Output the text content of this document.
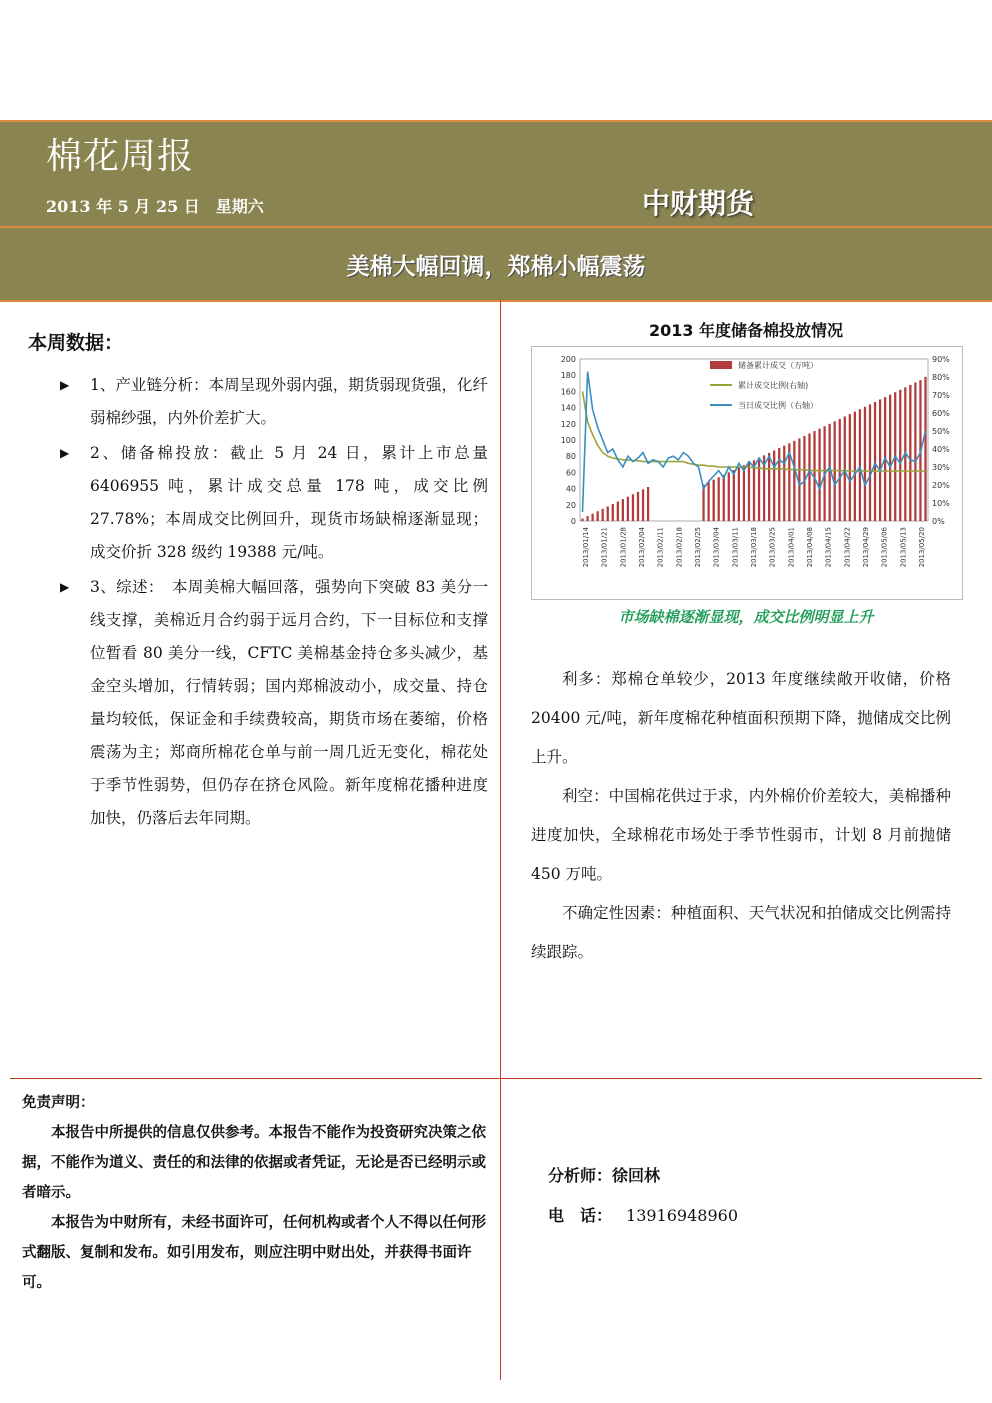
棉花周报
2013 年 5 月 25 日　星期六	中财期货
美棉大幅回调，郑棉小幅震荡
本周数据：
▶ 1、产业链分析：本周呈现外弱内强，期货弱现货强，化纤弱棉纱强，内外价差扩大。
▶ 2、储备棉投放：截止 5 月 24 日，累计上市总量 6406955 吨，累计成交总量 178 吨，成交比例 27.78%；本周成交比例回升，现货市场缺棉逐渐显现；成交价折 328 级约 19388 元/吨。
▶ 3、综述：　本周美棉大幅回落，强势向下突破 83 美分一线支撑，美棉近月合约弱于远月合约，下一目标位和支撑位暂看 80 美分一线，CFTC 美棉基金持仓多头减少，基金空头增加，行情转弱；国内郑棉波动小，成交量、持仓量均较低，保证金和手续费较高，期货市场在萎缩，价格震荡为主；郑商所棉花仓单与前一周几近无变化，棉花处于季节性弱势，但仍存在挤仓风险。新年度棉花播种进度加快，仍落后去年同期。
2013 年度储备棉投放情况
0
20
40
60
80
100
120
140
160
180
200
0%
10%
20%
30%
40%
50%
60%
70%
80%
90%
2013/01/14 2013/01/21 2013/01/28 2013/02/04 2013/02/11 2013/02/18 2013/02/25 2013/03/04 2013/03/11 2013/03/18 2013/03/25 2013/04/01 2013/04/08 2013/04/15 2013/04/22 2013/04/29 2013/05/06 2013/05/13 2013/05/20
储备累计成交（万吨）
累计成交比例(右轴)
当日成交比例（右轴）
市场缺棉逐渐显现，成交比例明显上升

利多：郑棉仓单较少，2013 年度继续敞开收储，价格 20400 元/吨，新年度棉花种植面积预期下降，抛储成交比例上升。

利空：中国棉花供过于求，内外棉价价差较大，美棉播种进度加快，全球棉花市场处于季节性弱市，计划 8 月前抛储 450 万吨。

不确定性因素：种植面积、天气状况和拍储成交比例需持续跟踪。

免责声明：

本报告中所提供的信息仅供参考。本报告不能作为投资研究决策之依据，不能作为道义、责任的和法律的依据或者凭证，无论是否已经明示或者暗示。

本报告为中财所有，未经书面许可，任何机构或者个人不得以任何形式翻版、复制和发布。如引用发布，则应注明中财出处，并获得书面许可。

分析师：徐回林
电　话： 13916948960
